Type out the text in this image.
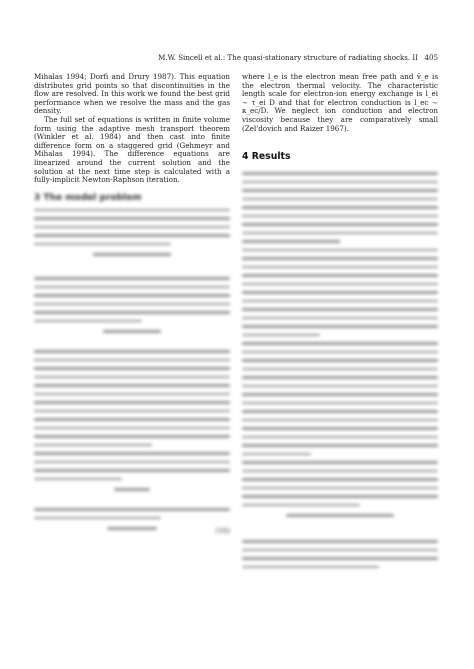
M.W. Sincell et al.: The quasi-stationary structure of radiating shocks. II 405

Mihalas 1994; Dorfi and Drury 1987). This equation distributes grid points so that discontinuities in the flow are resolved. In this work we found the best grid performance when we resolve the mass and the gas density.

The full set of equations is written in finite volume form using the adaptive mesh transport theorem (Winkler et al. 1984) and then cast into finite difference form on a staggered grid (Gehmeyr and Mihalas 1994). The difference equations are linearized around the current solution and the solution at the next time step is calculated with a fully-implicit Newton-Raphson iteration.

3 The model problem
(16)

where l_e is the electron mean free path and v̄_e is the electron thermal velocity. The characteristic length scale for electron-ion energy exchange is l_ei ∼ τ_ei D and that for electron conduction is l_ec ∼ κ_ec/D. We neglect ion conduction and electron viscosity because they are comparatively small (Zel'dovich and Raizer 1967).

4 Results
